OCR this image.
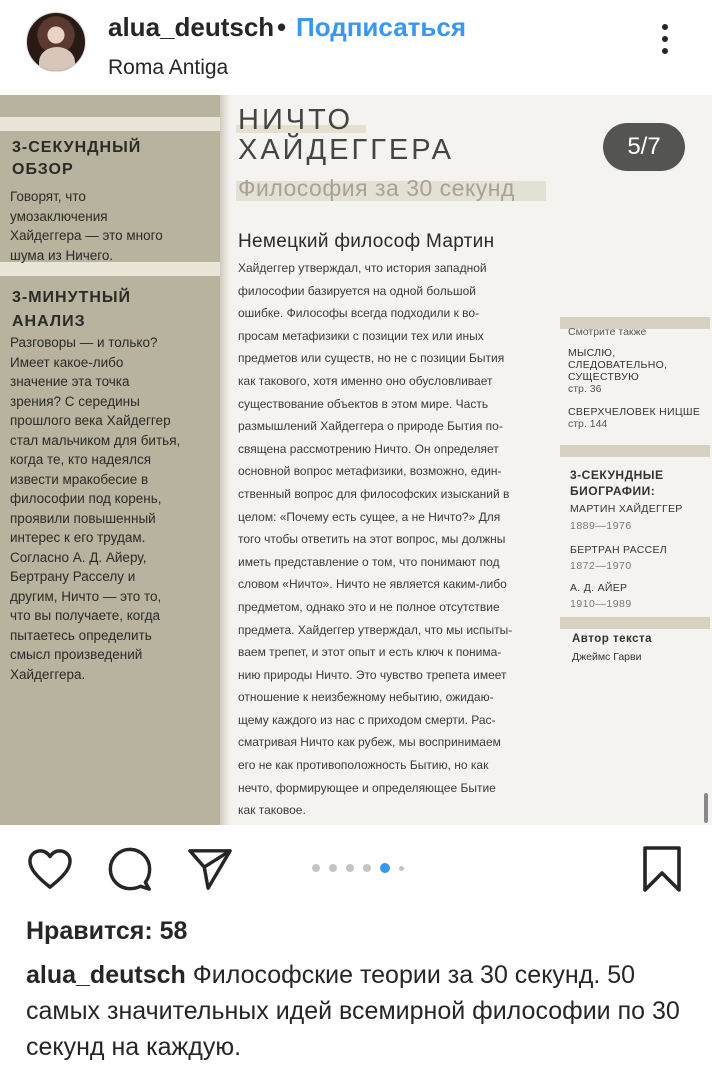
alua_deutsch • Подписаться
Roma Antiga
3-СЕКУНДНЫЙ
ОБЗОР
Говорят, что
умозаключения
Хайдеггера — это много
шума из Ничего.
3-МИНУТНЫЙ
АНАЛИЗ
Разговоры — и только?
Имеет какое-либо
значение эта точка
зрения? С середины
прошлого века Хайдеггер
стал мальчиком для битья,
когда те, кто надеялся
извести мракобесие в
философии под корень,
проявили повышенный
интерес к его трудам.
Согласно А. Д. Айеру,
Бертрану Расселу и
другим, Ничто — это то,
что вы получаете, когда
пытаетесь определить
смысл произведений
Хайдеггера.
НИЧТО
ХАЙДЕГГЕРА
Философия за 30 секунд
Немецкий философ Мартин
Хайдеггер утверждал, что история западной
философии базируется на одной большой
ошибке. Философы всегда подходили к во-
просам метафизики с позиции тех или иных
предметов или существ, но не с позиции Бытия
как такового, хотя именно оно обусловливает
существование объектов в этом мире. Часть
размышлений Хайдеггера о природе Бытия по-
священа рассмотрению Ничто. Он определяет
основной вопрос метафизики, возможно, един-
ственный вопрос для философских изысканий в
целом: «Почему есть сущее, а не Ничто?» Для
того чтобы ответить на этот вопрос, мы должны
иметь представление о том, что понимают под
словом «Ничто». Ничто не является каким-либо
предметом, однако это и не полное отсутствие
предмета. Хайдеггер утверждал, что мы испыты-
ваем трепет, и этот опыт и есть ключ к понима-
нию природы Ничто. Это чувство трепета имеет
отношение к неизбежному небытию, ожидаю-
щему каждого из нас с приходом смерти. Рас-
сматривая Ничто как рубеж, мы воспринимаем
его не как противоположность Бытию, но как
нечто, формирующее и определяющее Бытие
как таковое.
5/7
Смотрите также
МЫСЛЮ,
СЛЕДОВАТЕЛЬНО,
СУЩЕСТВУЮ
стр. 36
СВЕРХЧЕЛОВЕК НИЦШЕ
стр. 144
3-СЕКУНДНЫЕ
БИОГРАФИИ:
МАРТИН ХАЙДЕГГЕР
1889—1976
БЕРТРАН РАССЕЛ
1872—1970
А. Д. АЙЕР
1910—1989
Автор текста
Джеймс Гарви
Нравится: 58
alua_deutsch Философские теории за 30 секунд. 50 самых значительных идей всемирной философии по 30 секунд на каждую.
